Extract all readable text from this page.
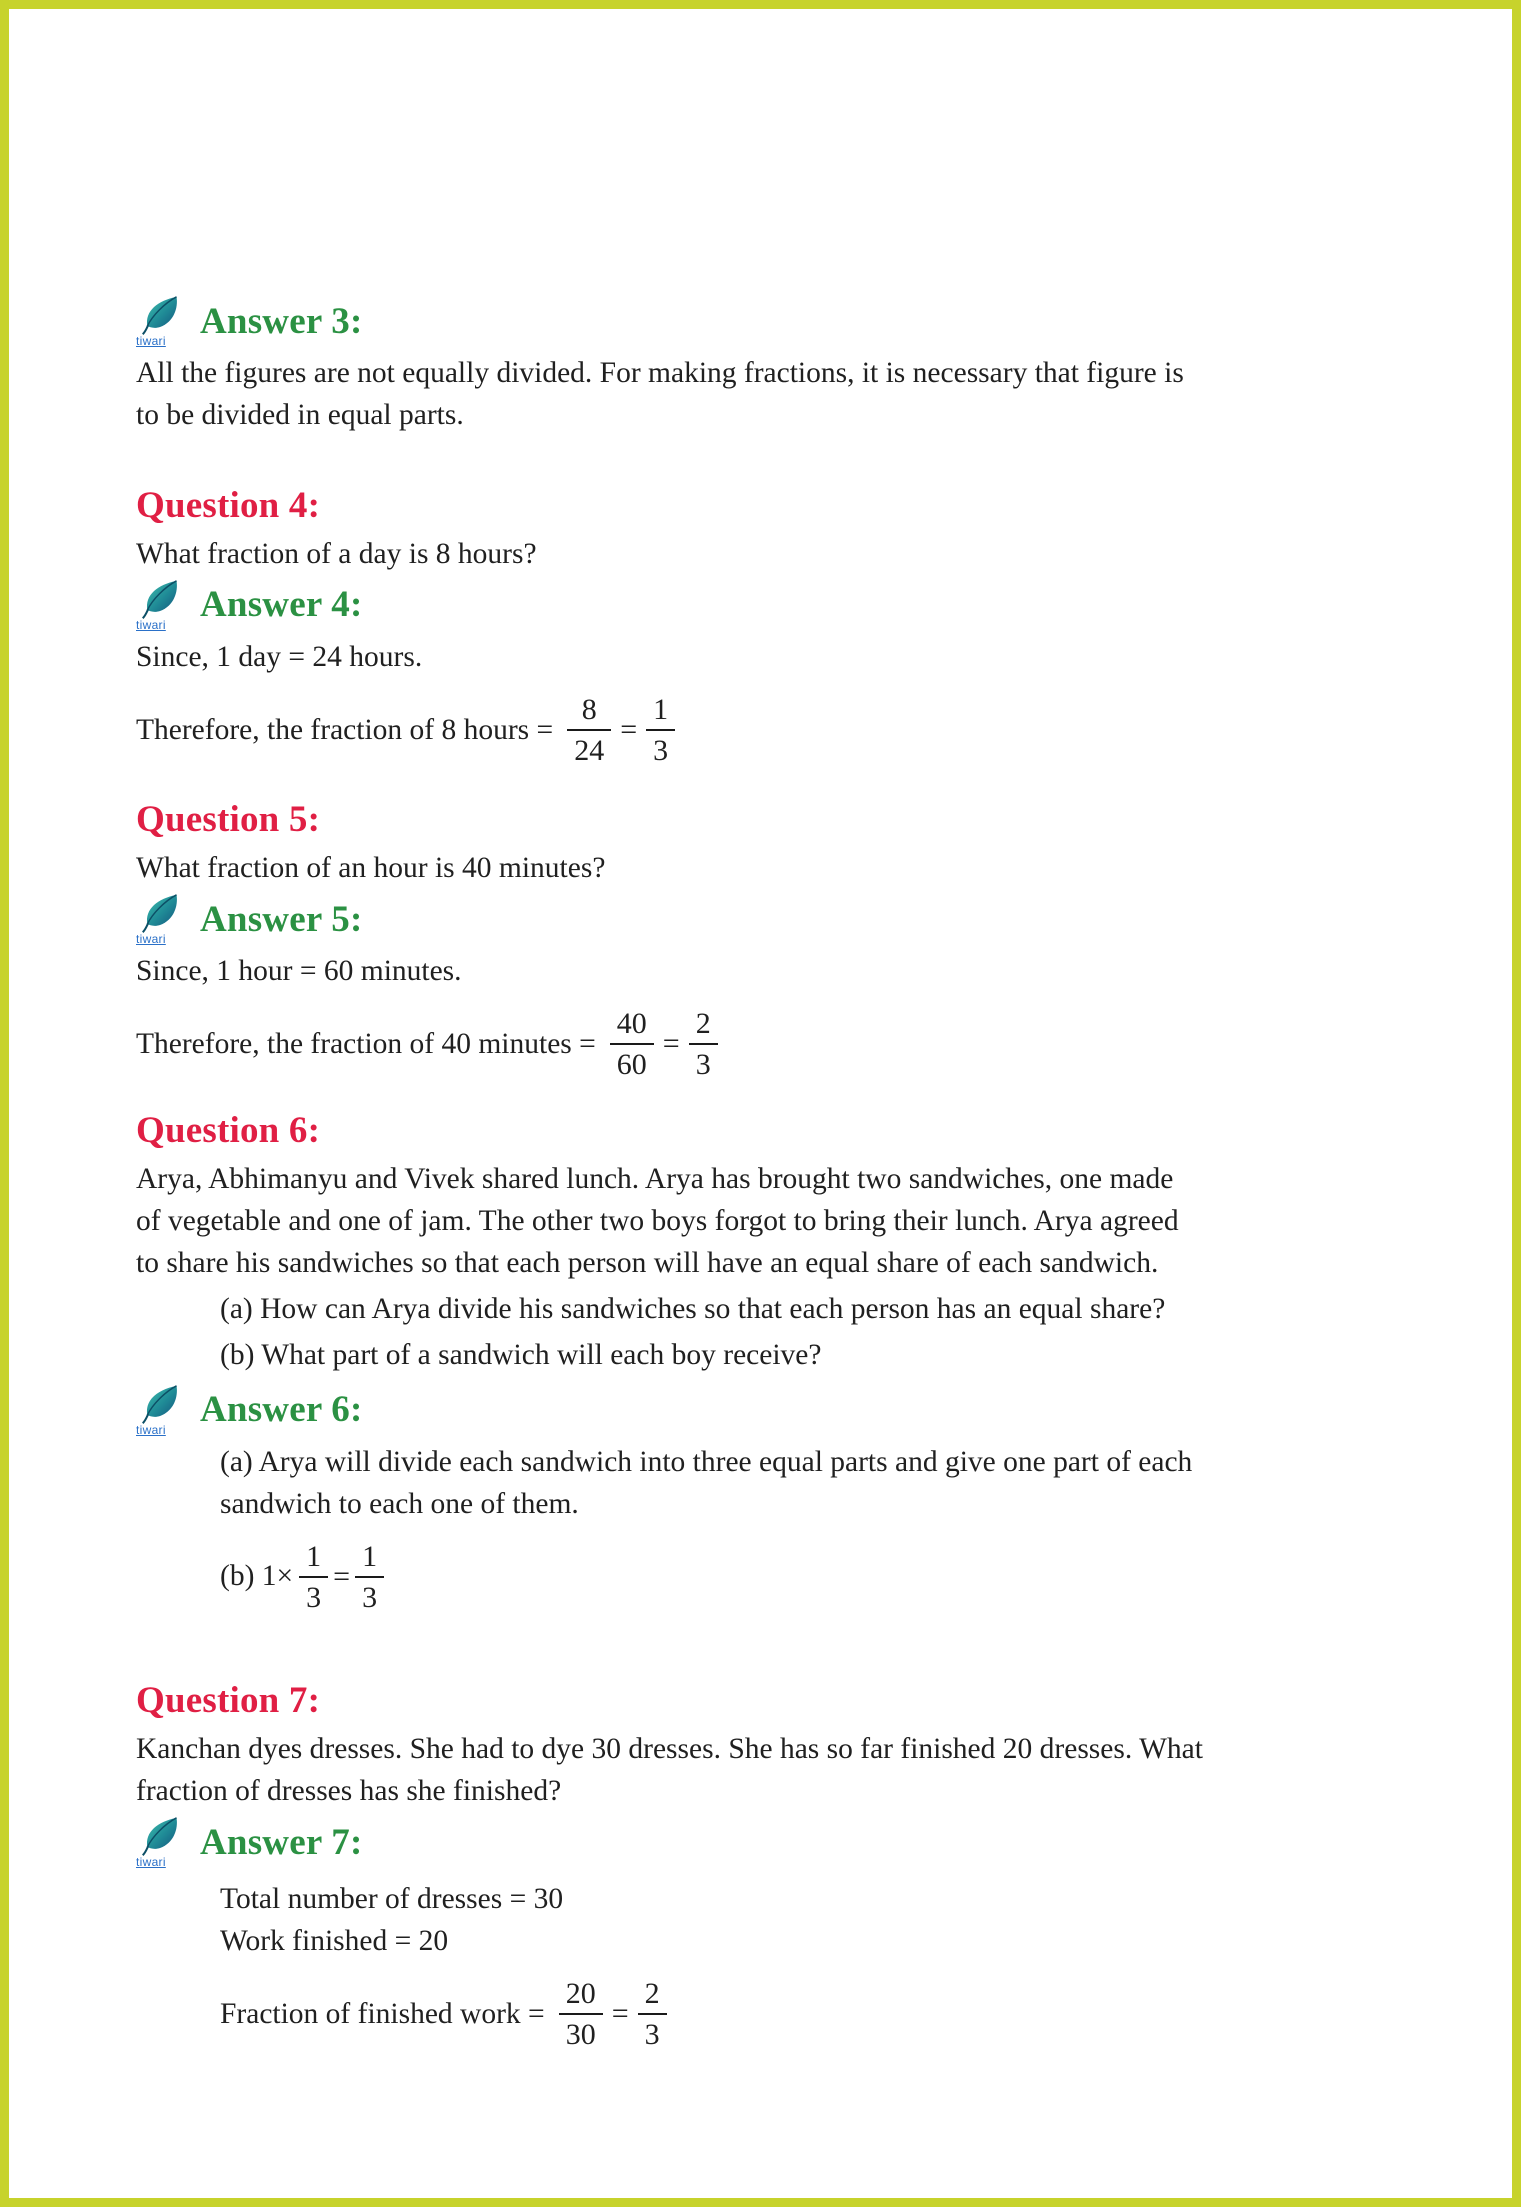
tiwari Answer 3:
All the figures are not equally divided. For making fractions, it is necessary that figure is
to be divided in equal parts.
Question 4:
What fraction of a day is 8 hours?
tiwari Answer 4:
Since, 1 day = 24 hours.
Therefore, the fraction of 8 hours = $\frac{8}{24} = \frac{1}{3}$
Question 5:
What fraction of an hour is 40 minutes?
tiwari Answer 5:
Since, 1 hour = 60 minutes.
Therefore, the fraction of 40 minutes = $\frac{40}{60} = \frac{2}{3}$
Question 6:
Arya, Abhimanyu and Vivek shared lunch. Arya has brought two sandwiches, one made
of vegetable and one of jam. The other two boys forgot to bring their lunch. Arya agreed
to share his sandwiches so that each person will have an equal share of each sandwich.
(a) How can Arya divide his sandwiches so that each person has an equal share?
(b) What part of a sandwich will each boy receive?
tiwari Answer 6:
(a) Arya will divide each sandwich into three equal parts and give one part of each
sandwich to each one of them.
(b) $1\times \frac{1}{3} = \frac{1}{3}$
Question 7:
Kanchan dyes dresses. She had to dye 30 dresses. She has so far finished 20 dresses. What
fraction of dresses has she finished?
tiwari Answer 7:
Total number of dresses = 30
Work finished = 20
Fraction of finished work = $\frac{20}{30} = \frac{2}{3}$
